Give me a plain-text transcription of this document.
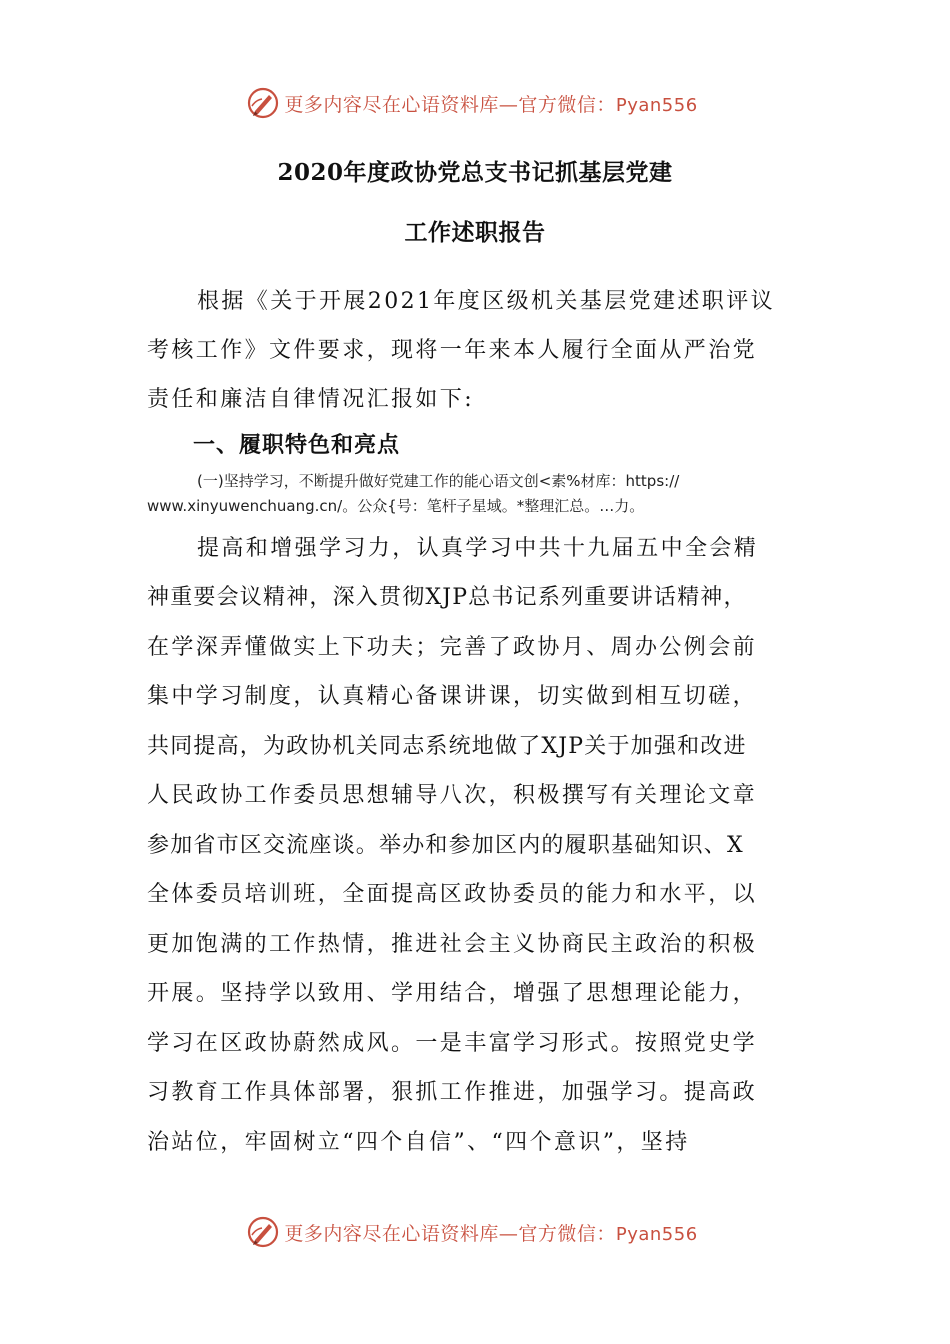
更多内容尽在心语资料库—官方微信：Pyan556
2020年度政协党总支书记抓基层党建
工作述职报告
根据《关于开展2021年度区级机关基层党建述职评议
考核工作》文件要求，现将一年来本人履行全面从严治党
责任和廉洁自律情况汇报如下:
一、履职特色和亮点
(一)坚持学习，不断提升做好党建工作的能心语文创<素%材库：https://
www.xinyuwenchuang.cn/。公众{号：笔杆子星域。*整理汇总。…力。
提高和增强学习力，认真学习中共十九届五中全会精
神重要会议精神，深入贯彻XJP总书记系列重要讲话精神，
在学深弄懂做实上下功夫；完善了政协月、周办公例会前
集中学习制度，认真精心备课讲课，切实做到相互切磋，
共同提高，为政协机关同志系统地做了XJP关于加强和改进
人民政协工作委员思想辅导八次，积极撰写有关理论文章
参加省市区交流座谈。举办和参加区内的履职基础知识、X
全体委员培训班，全面提高区政协委员的能力和水平，以
更加饱满的工作热情，推进社会主义协商民主政治的积极
开展。坚持学以致用、学用结合，增强了思想理论能力，
学习在区政协蔚然成风。一是丰富学习形式。按照党史学
习教育工作具体部署，狠抓工作推进，加强学习。提高政
治站位，牢固树立“四个自信”、“四个意识”，坚持
更多内容尽在心语资料库—官方微信：Pyan556
